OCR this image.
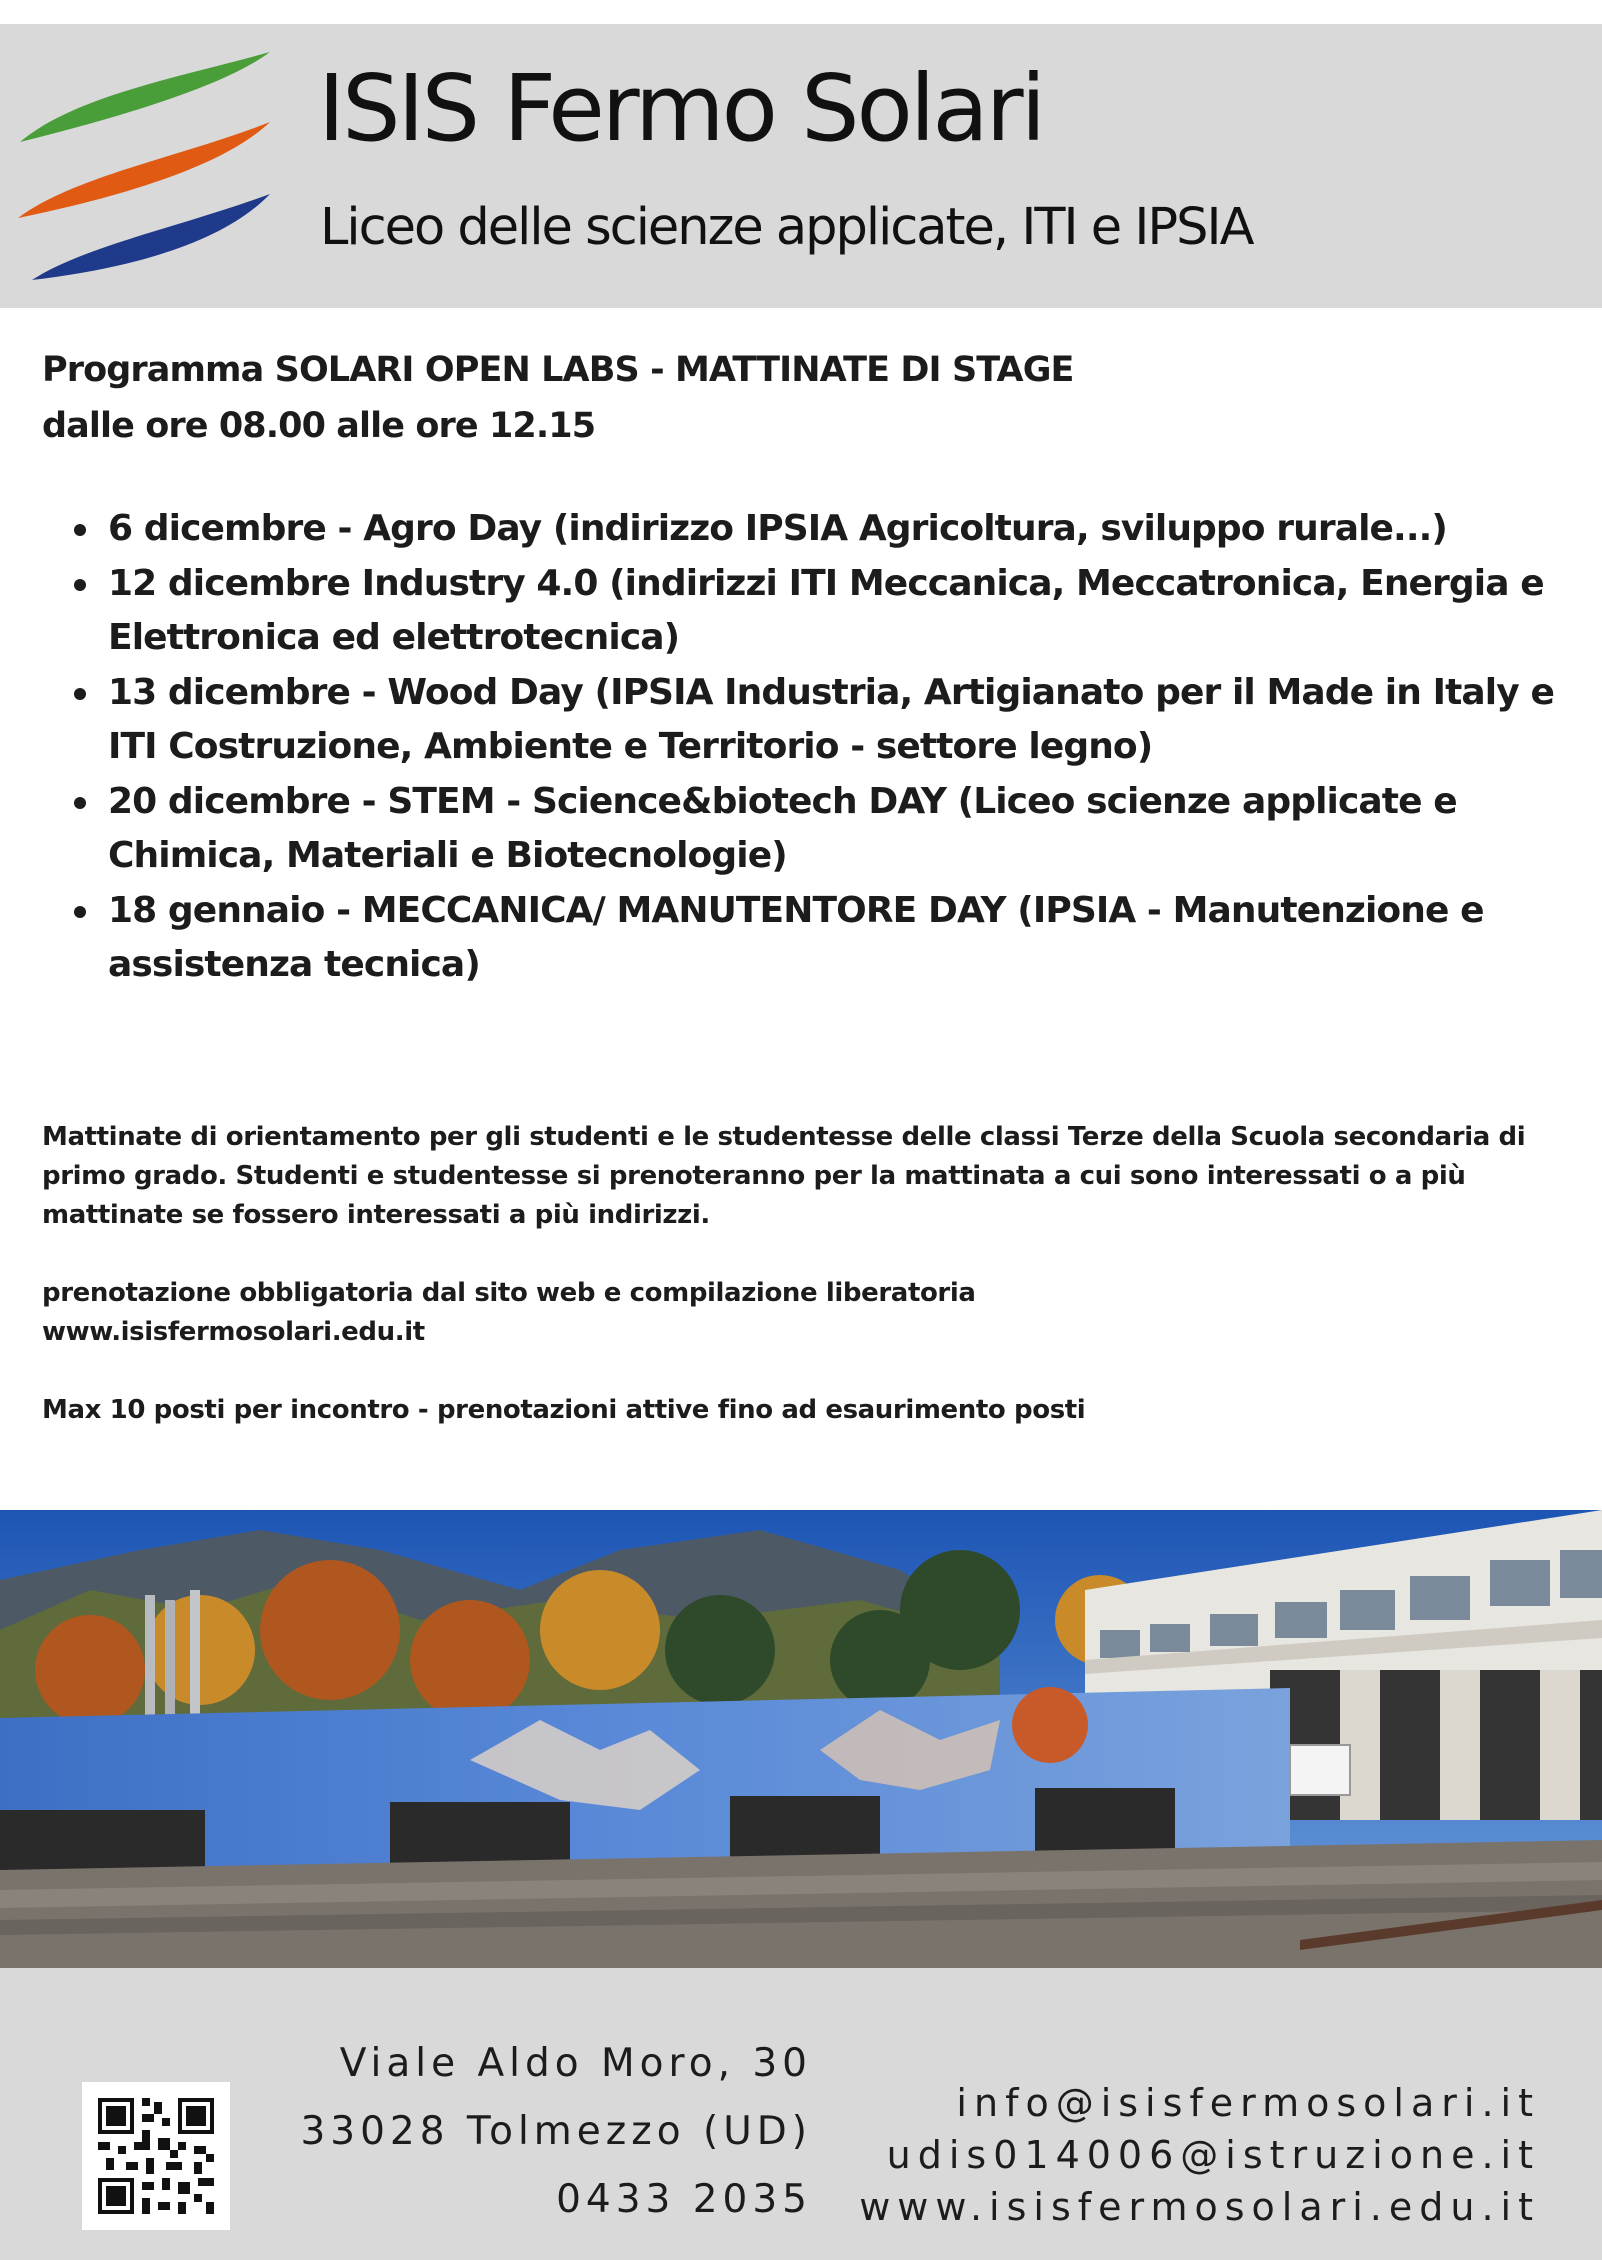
ISIS Fermo Solari
Liceo delle scienze applicate, ITI e IPSIA
Programma SOLARI OPEN LABS - MATTINATE DI STAGE
dalle ore 08.00 alle ore 12.15
6 dicembre - Agro Day (indirizzo IPSIA Agricoltura, sviluppo rurale...)
12 dicembre Industry 4.0 (indirizzi ITI Meccanica, Meccatronica, Energia e Elettronica ed elettrotecnica)
13 dicembre - Wood Day (IPSIA Industria, Artigianato per il Made in Italy e ITI Costruzione, Ambiente e Territorio - settore legno)
20 dicembre - STEM - Science&biotech DAY (Liceo scienze applicate e Chimica, Materiali e Biotecnologie)
18 gennaio - MECCANICA/ MANUTENTORE DAY (IPSIA - Manutenzione e assistenza tecnica)

Mattinate di orientamento per gli studenti e le studentesse delle classi Terze della Scuola secondaria di primo grado. Studenti e studentesse si prenoteranno per la mattinata a cui sono interessati o a più mattinate se fossero interessati a più indirizzi.

prenotazione obbligatoria dal sito web e compilazione liberatoria

www.isisfermosolari.edu.it

Max 10 posti per incontro - prenotazioni attive fino ad esaurimento posti

Viale Aldo Moro, 30
33028 Tolmezzo (UD)
0433 2035
info@isisfermosolari.it
udis014006@istruzione.it
www.isisfermosolari.edu.it
